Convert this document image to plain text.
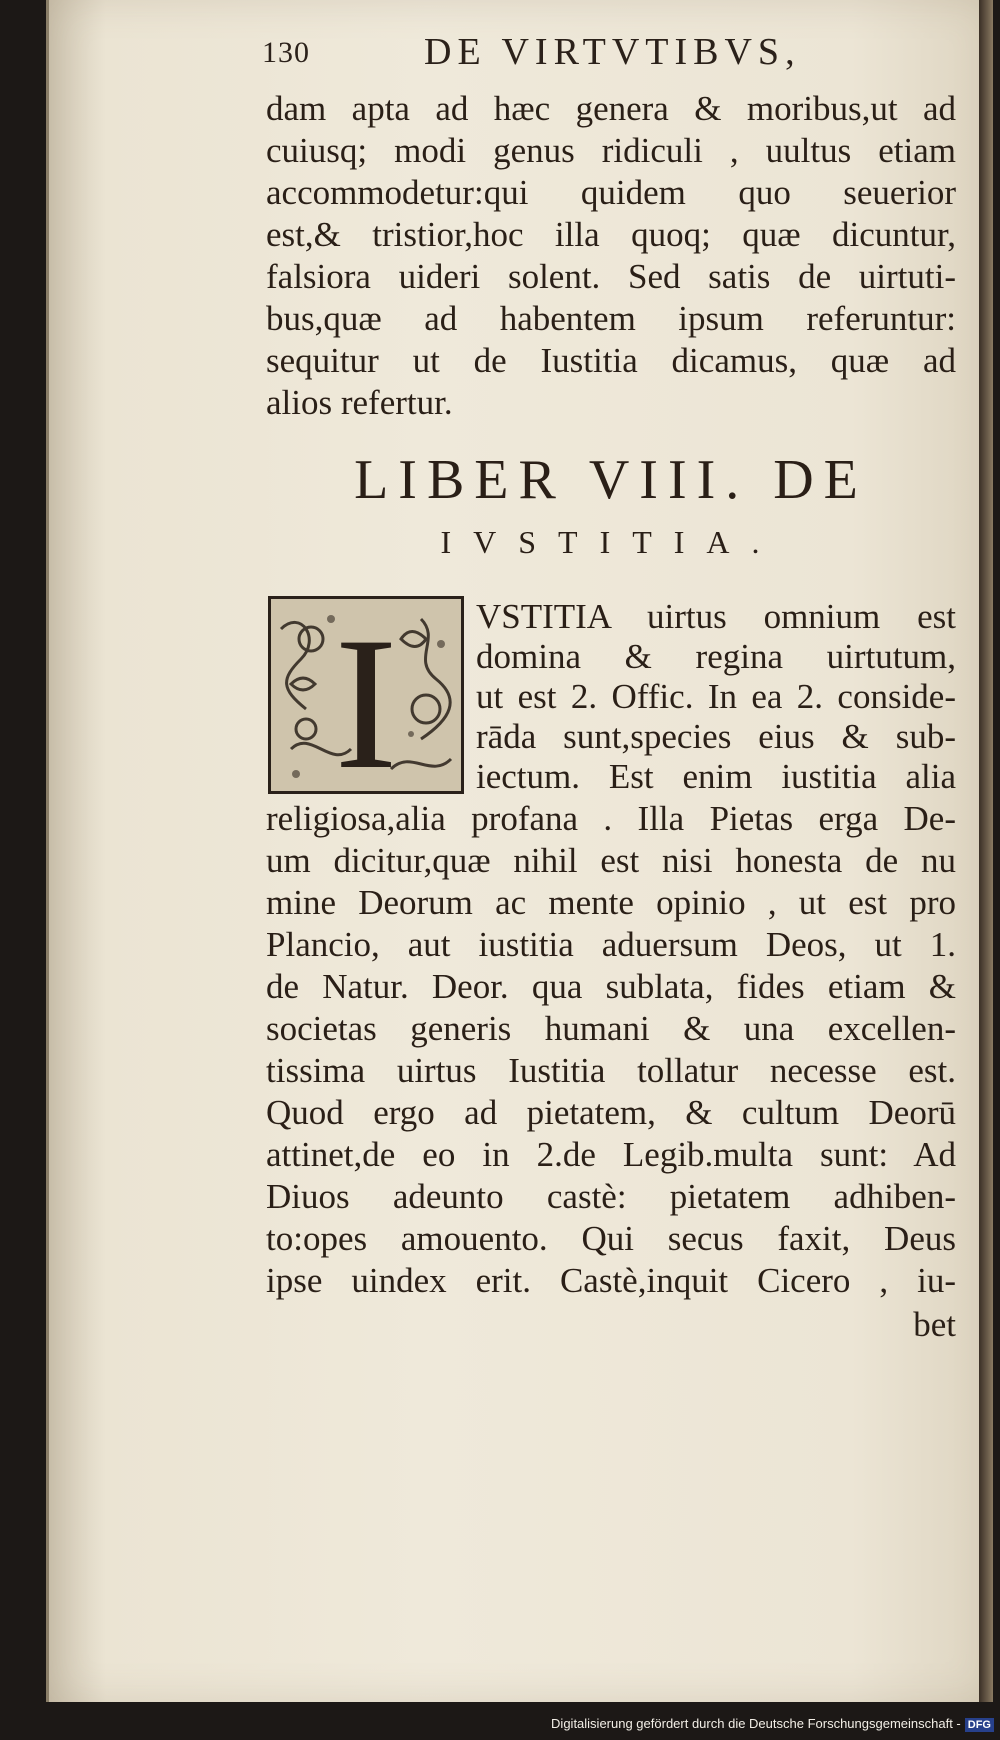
130	DE VIRTVTIBVS,
dam apta ad hæc genera & moribus,ut ad
cuiusq; modi genus ridiculi , uultus etiam
accommodetur:qui quidem quo seuerior
est,& tristior,hoc illa quoq; quæ dicuntur,
falsiora uideri solent. Sed satis de uirtuti-
bus,quæ ad habentem ipsum referuntur:
sequitur ut de Iustitia dicamus, quæ ad
alios refertur.
LIBER VIII. DE
IVSTITIA.
I VSTITIA uirtus omnium est
domina & regina uirtutum,
ut est 2. Offic. In ea 2. conside-
rāda sunt,species eius & sub-
iectum. Est enim iustitia alia
religiosa,alia profana . Illa Pietas erga De-
um dicitur,quæ nihil est nisi honesta de nu
mine Deorum ac mente opinio , ut est pro
Plancio, aut iustitia aduersum Deos, ut 1.
de Natur. Deor. qua sublata, fides etiam &
societas generis humani & una excellen-
tissima uirtus Iustitia tollatur necesse est.
Quod ergo ad pietatem, & cultum Deorū
attinet,de eo in 2.de Legib.multa sunt: Ad
Diuos adeunto castè: pietatem adhiben-
to:opes amouento. Qui secus faxit, Deus
ipse uindex erit. Castè,inquit Cicero , iu-
bet
Digitalisierung gefördert durch die Deutsche Forschungsgemeinschaft - DFG
